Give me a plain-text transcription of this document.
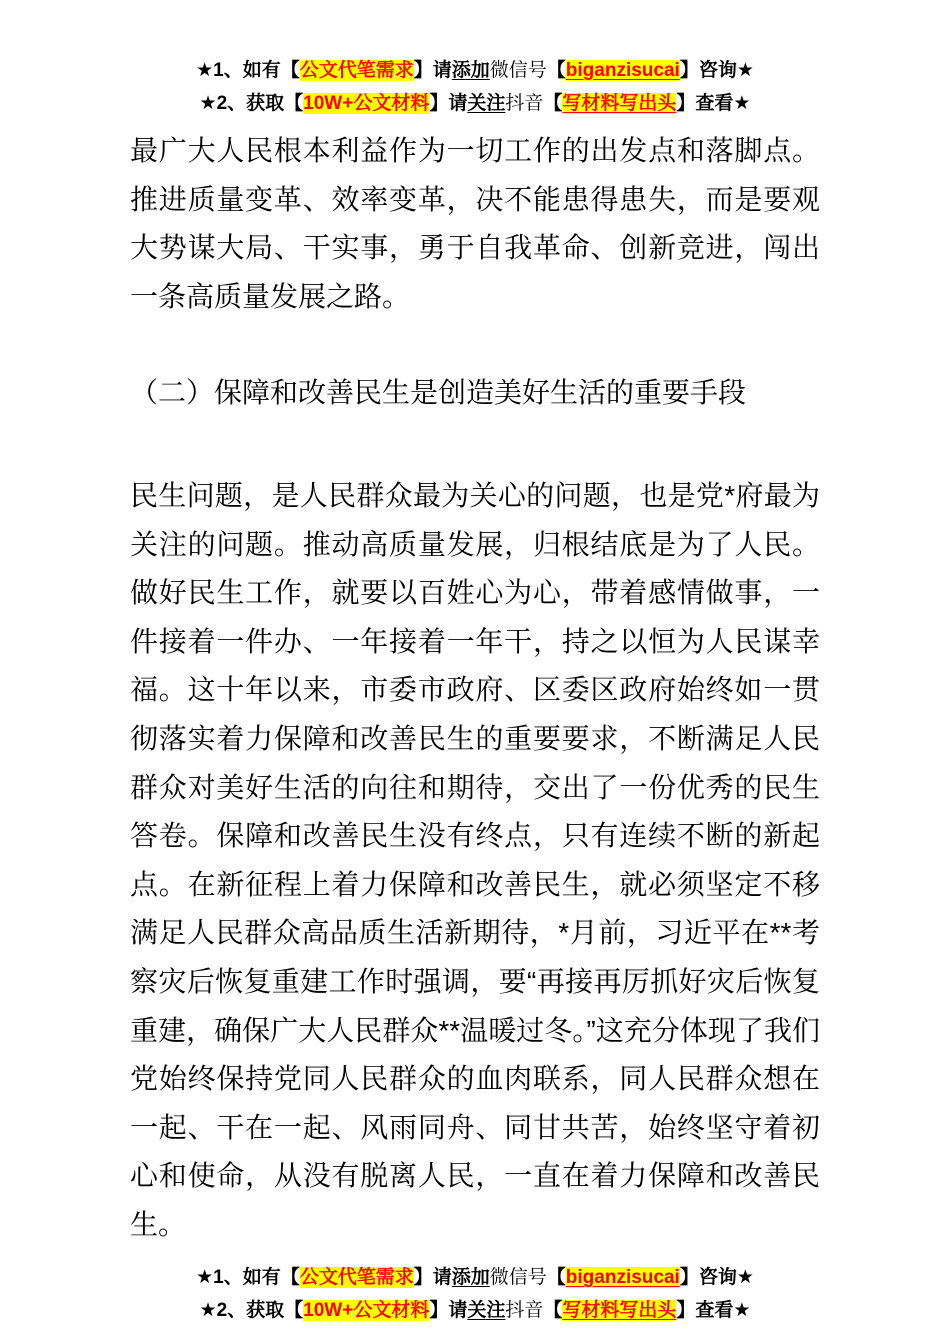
★1、如有【公文代笔需求】请添加微信号【biganzisucai】咨询★
★2、获取【10W+公文材料】请关注抖音【写材料写出头】查看★

最广大人民根本利益作为一切工作的出发点和落脚点。推进质量变革、效率变革，决不能患得患失，而是要观大势谋大局、干实事，勇于自我革命、创新竞进，闯出一条高质量发展之路。

（二）保障和改善民生是创造美好生活的重要手段

民生问题，是人民群众最为关心的问题，也是党*府最为关注的问题。推动高质量发展，归根结底是为了人民。做好民生工作，就要以百姓心为心，带着感情做事，一件接着一件办、一年接着一年干，持之以恒为人民谋幸福。这十年以来，市委市政府、区委区政府始终如一贯彻落实着力保障和改善民生的重要要求，不断满足人民群众对美好生活的向往和期待，交出了一份优秀的民生答卷。保障和改善民生没有终点，只有连续不断的新起点。在新征程上着力保障和改善民生，就必须坚定不移满足人民群众高品质生活新期待，*月前，习近平在**考察灾后恢复重建工作时强调，要“再接再厉抓好灾后恢复重建，确保广大人民群众**温暖过冬。”这充分体现了我们党始终保持党同人民群众的血肉联系，同人民群众想在一起、干在一起、风雨同舟、同甘共苦，始终坚守着初心和使命，从没有脱离人民，一直在着力保障和改善民生。

★1、如有【公文代笔需求】请添加微信号【biganzisucai】咨询★
★2、获取【10W+公文材料】请关注抖音【写材料写出头】查看★
